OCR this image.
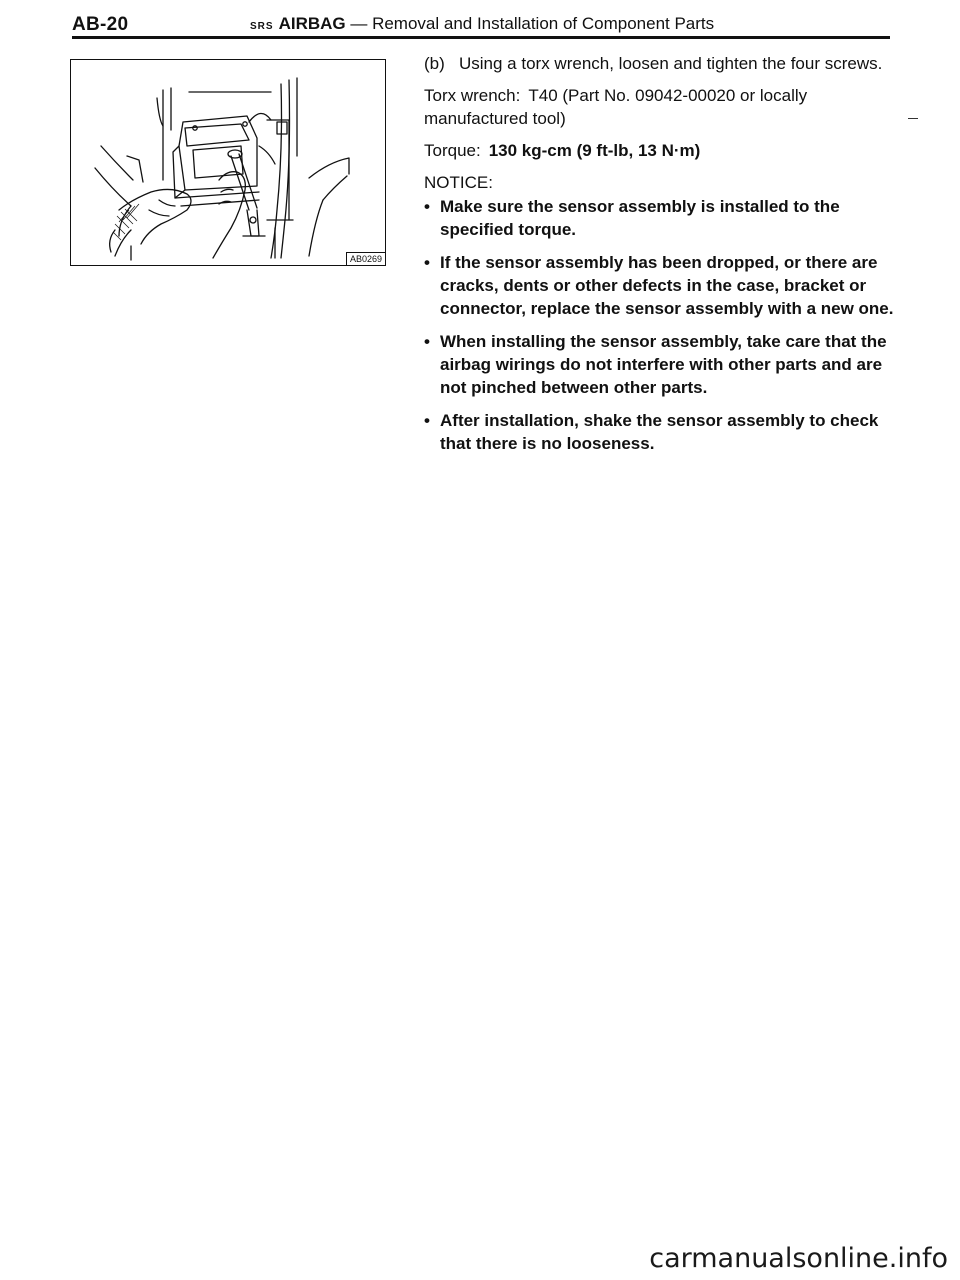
AB-20	SRS AIRBAG — Removal and Installation of Component Parts
AB0269
(b) Using a torx wrench, loosen and tighten the four screws.

Torx wrench: T40 (Part No. 09042-00020 or locally manufactured tool)

Torque: 130 kg-cm (9 ft-lb, 13 N·m)

NOTICE:

• Make sure the sensor assembly is installed to the specified torque.
• If the sensor assembly has been dropped, or there are cracks, dents or other defects in the case, bracket or connector, replace the sensor assembly with a new one.
• When installing the sensor assembly, take care that the airbag wirings do not interfere with other parts and are not pinched between other parts.
• After installation, shake the sensor assembly to check that there is no looseness.
carmanualsonline.info
